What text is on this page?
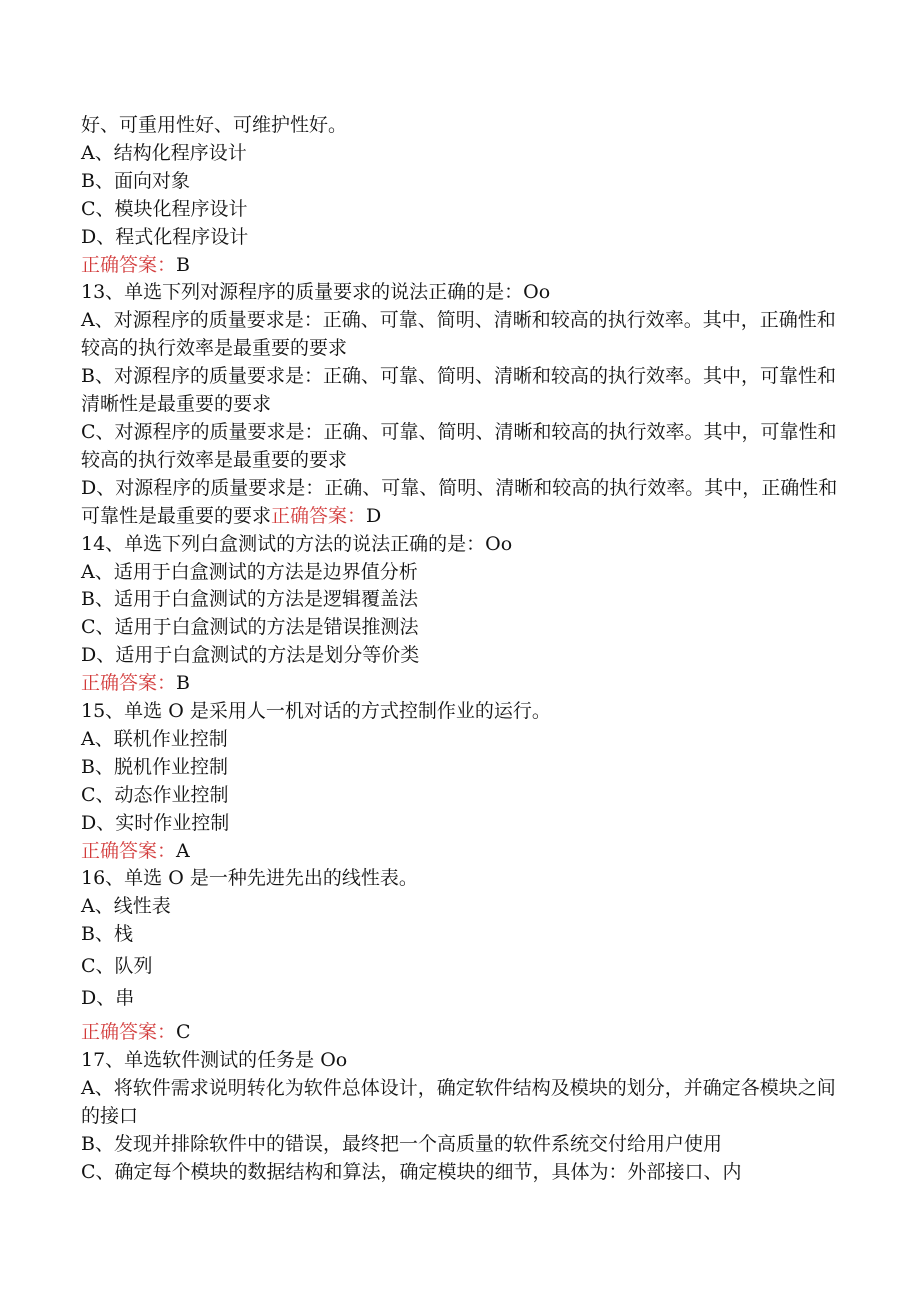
好、可重用性好、可维护性好。
A、结构化程序设计
B、面向对象
C、模块化程序设计
D、程式化程序设计
正确答案：B
13、单选下列对源程序的质量要求的说法正确的是：Oo
A、对源程序的质量要求是：正确、可靠、简明、清晰和较高的执行效率。其中，正确性和较高的执行效率是最重要的要求
B、对源程序的质量要求是：正确、可靠、简明、清晰和较高的执行效率。其中，可靠性和清晰性是最重要的要求
C、对源程序的质量要求是：正确、可靠、简明、清晰和较高的执行效率。其中，可靠性和较高的执行效率是最重要的要求
D、对源程序的质量要求是：正确、可靠、简明、清晰和较高的执行效率。其中，正确性和可靠性是最重要的要求正确答案：D
14、单选下列白盒测试的方法的说法正确的是：Oo
A、适用于白盒测试的方法是边界值分析
B、适用于白盒测试的方法是逻辑覆盖法
C、适用于白盒测试的方法是错误推测法
D、适用于白盒测试的方法是划分等价类
正确答案：B
15、单选 O 是采用人一机对话的方式控制作业的运行。
A、联机作业控制
B、脱机作业控制
C、动态作业控制
D、实时作业控制
正确答案：A
16、单选 O 是一种先进先出的线性表。
A、线性表
B、栈
C、队列
D、串
正确答案：C
17、单选软件测试的任务是 Oo
A、将软件需求说明转化为软件总体设计，确定软件结构及模块的划分，并确定各模块之间的接口
B、发现并排除软件中的错误，最终把一个高质量的软件系统交付给用户使用
C、确定每个模块的数据结构和算法，确定模块的细节，具体为：外部接口、内
